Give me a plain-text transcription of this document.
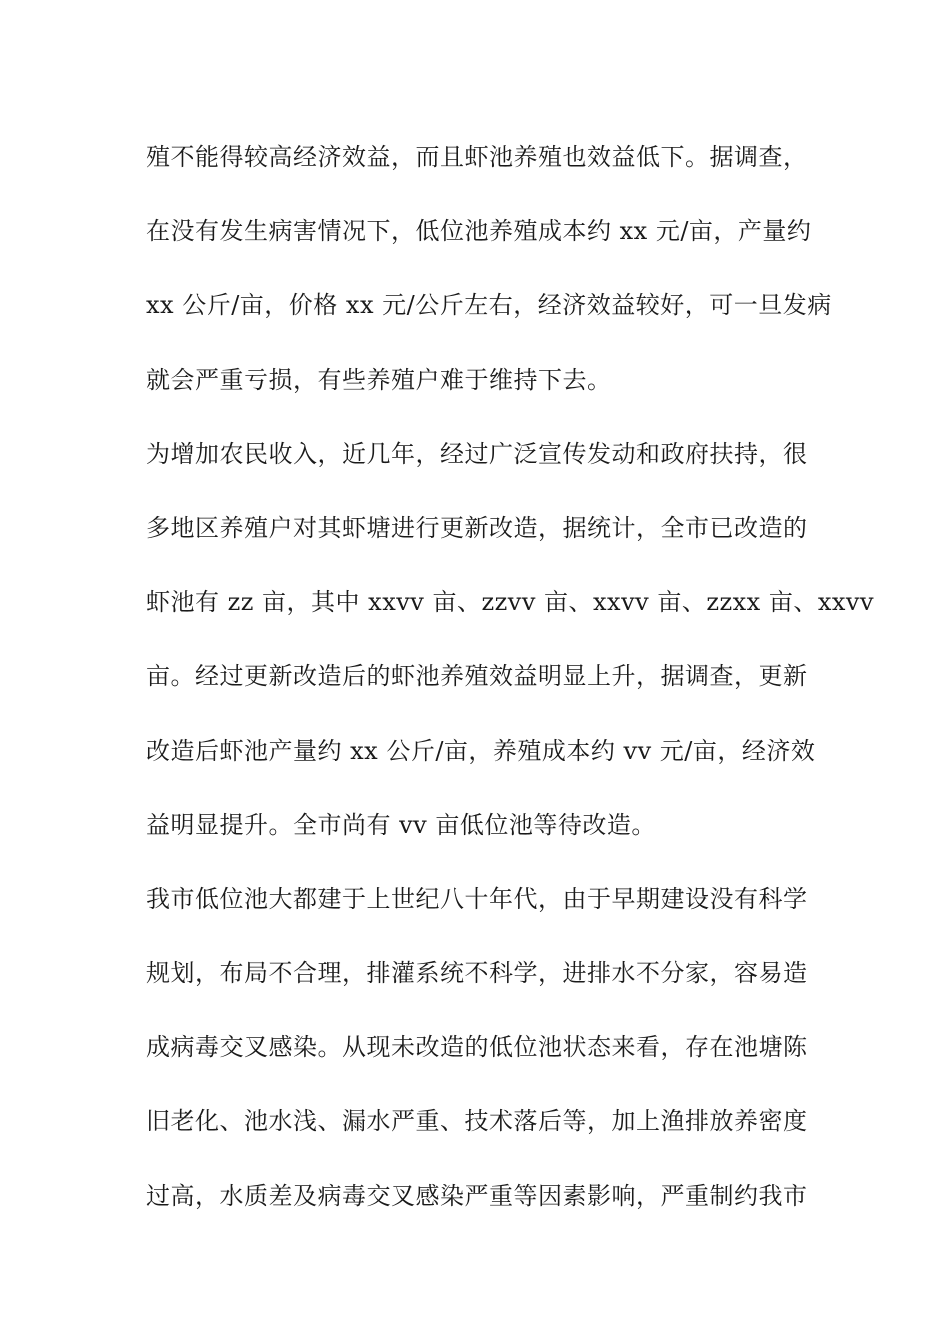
殖不能得较高经济效益，而且虾池养殖也效益低下。据调查，
在没有发生病害情况下，低位池养殖成本约 xx 元/亩，产量约
xx 公斤/亩，价格 xx 元/公斤左右，经济效益较好，可一旦发病
就会严重亏损，有些养殖户难于维持下去。
为增加农民收入，近几年，经过广泛宣传发动和政府扶持，很
多地区养殖户对其虾塘进行更新改造，据统计，全市已改造的
虾池有 zz 亩，其中 xxvv 亩、zzvv 亩、xxvv 亩、zzxx 亩、xxvv
亩。经过更新改造后的虾池养殖效益明显上升，据调查，更新
改造后虾池产量约 xx 公斤/亩，养殖成本约 vv 元/亩，经济效
益明显提升。全市尚有 vv 亩低位池等待改造。
我市低位池大都建于上世纪八十年代，由于早期建设没有科学
规划，布局不合理，排灌系统不科学，进排水不分家，容易造
成病毒交叉感染。从现未改造的低位池状态来看，存在池塘陈
旧老化、池水浅、漏水严重、技术落后等，加上渔排放养密度
过高，水质差及病毒交叉感染严重等因素影响，严重制约我市
